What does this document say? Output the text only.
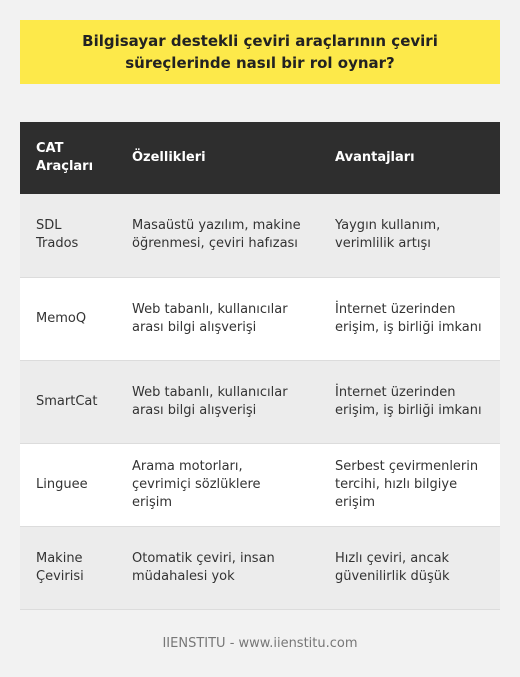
Bilgisayar destekli çeviri araçlarının çeviri süreçlerinde nasıl bir rol oynar?
CAT Araçları	Özellikleri	Avantajları
SDL Trados	Masaüstü yazılım, makine öğrenmesi, çeviri hafızası	Yaygın kullanım, verimlilik artışı
MemoQ	Web tabanlı, kullanıcılar arası bilgi alışverişi	İnternet üzerinden erişim, iş birliği imkanı
SmartCat	Web tabanlı, kullanıcılar arası bilgi alışverişi	İnternet üzerinden erişim, iş birliği imkanı
Linguee	Arama motorları, çevrimiçi sözlüklere erişim	Serbest çevirmenlerin tercihi, hızlı bilgiye erişim
Makine Çevirisi	Otomatik çeviri, insan müdahalesi yok	Hızlı çeviri, ancak güvenilirlik düşük
IIENSTITU - www.iienstitu.com
